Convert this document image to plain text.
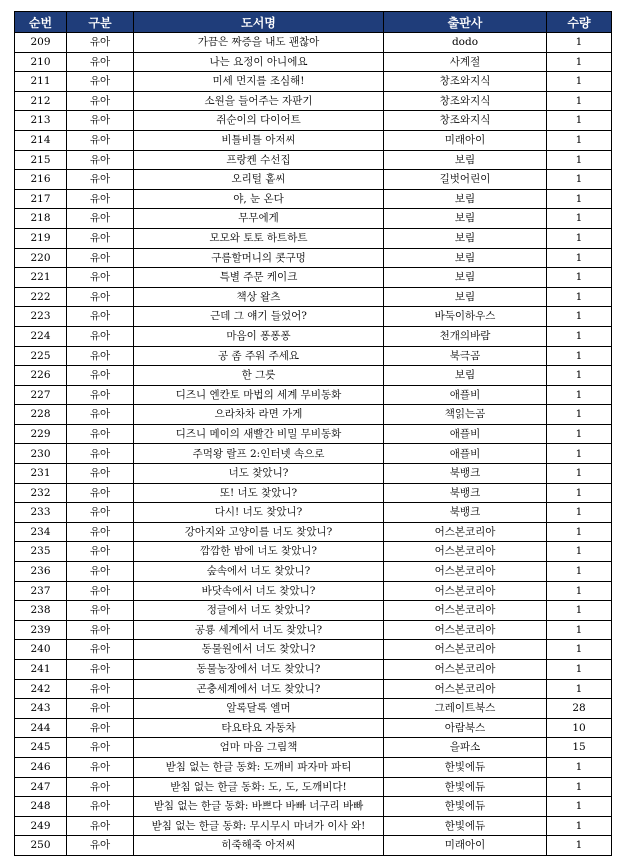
순번	구분	도서명	출판사	수량
209	유아	가끔은 짜증을 내도 괜찮아	dodo	1
210	유아	나는 요정이 아니에요	사계절	1
211	유아	미세 먼지를 조심해!	창조와지식	1
212	유아	소원을 들어주는 자판기	창조와지식	1
213	유아	쥐순이의 다이어트	창조와지식	1
214	유아	비틀비틀 아저씨	미래아이	1
215	유아	프랑켄 수선집	보림	1
216	유아	오리털 홑씨	길벗어린이	1
217	유아	야, 눈 온다	보림	1
218	유아	무무에게	보림	1
219	유아	모모와 토토 하트하트	보림	1
220	유아	구름할머니의 콧구멍	보림	1
221	유아	특별 주문 케이크	보림	1
222	유아	책상 왈츠	보림	1
223	유아	근데 그 얘기 들었어?	바둑이하우스	1
224	유아	마음이 퐁퐁퐁	천개의바람	1
225	유아	공 좀 주워 주세요	북극곰	1
226	유아	한 그릇	보림	1
227	유아	디즈니 엔칸토 마법의 세계 무비동화	애플비	1
228	유아	으라차차 라면 가게	책읽는곰	1
229	유아	디즈니 메이의 새빨간 비밀 무비동화	애플비	1
230	유아	주먹왕 랄프 2:인터넷 속으로	애플비	1
231	유아	너도 찾았니?	북뱅크	1
232	유아	또! 너도 찾았니?	북뱅크	1
233	유아	다시! 너도 찾았니?	북뱅크	1
234	유아	강아지와 고양이를 너도 찾았니?	어스본코리아	1
235	유아	깜깜한 밤에 너도 찾았니?	어스본코리아	1
236	유아	숲속에서 너도 찾았니?	어스본코리아	1
237	유아	바닷속에서 너도 찾았니?	어스본코리아	1
238	유아	정글에서 너도 찾았니?	어스본코리아	1
239	유아	공룡 세계에서 너도 찾았니?	어스본코리아	1
240	유아	동물원에서 너도 찾았니?	어스본코리아	1
241	유아	동물농장에서 너도 찾았니?	어스본코리아	1
242	유아	곤충세계에서 너도 찾았니?	어스본코리아	1
243	유아	알록달록 엘머	그레이트북스	28
244	유아	타요타요 자동차	아람북스	10
245	유아	엄마 마음 그림책	을파소	15
246	유아	받침 없는 한글 동화: 도깨비 파자마 파티	한빛에듀	1
247	유아	받침 없는 한글 동화: 도, 도, 도깨비다!	한빛에듀	1
248	유아	받침 없는 한글 동화: 바쁘다 바빠 너구리 바빠	한빛에듀	1
249	유아	받침 없는 한글 동화: 무시무시 마녀가 이사 와!	한빛에듀	1
250	유아	히죽해죽 아저씨	미래아이	1
